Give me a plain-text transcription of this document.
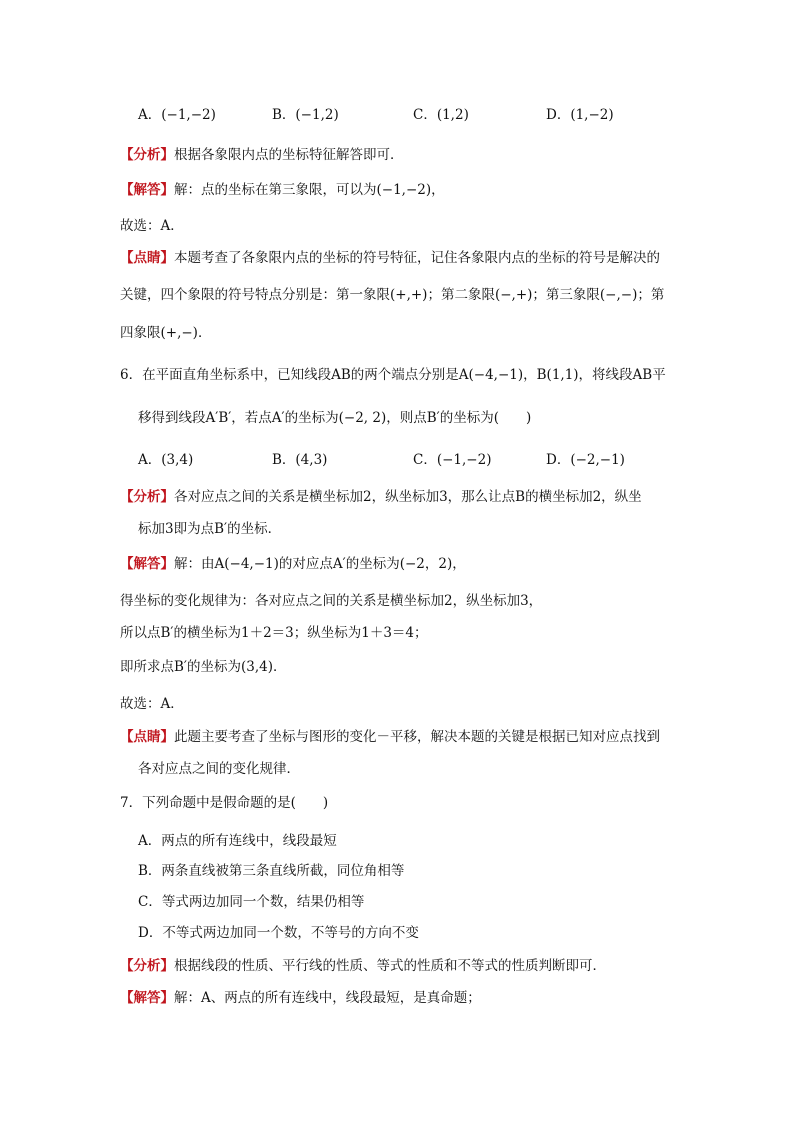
A．(−1,−2)	B．(−1,2)	C．(1,2)	D．(1,−2)
【分析】根据各象限内点的坐标特征解答即可．
【解答】解：点的坐标在第三象限，可以为(−1,−2)，
故选：A．
【点睛】本题考查了各象限内点的坐标的符号特征，记住各象限内点的坐标的符号是解决的
关键，四个象限的符号特点分别是：第一象限(+,+)；第二象限(−,+)；第三象限(−,−)；第
四象限(+,−)．
6．在平面直角坐标系中，已知线段AB的两个端点分别是A(−4,−1)，B(1,1)，将线段AB平
移得到线段A′B′，若点A′的坐标为(−2, 2)，则点B′的坐标为(　　)
A．(3,4)	B．(4,3)	C．(−1,−2)	D．(−2,−1)
【分析】各对应点之间的关系是横坐标加2，纵坐标加3，那么让点B的横坐标加2，纵坐
标加3即为点B′的坐标．
【解答】解：由A(−4,−1)的对应点A′的坐标为(−2，2)，
得坐标的变化规律为：各对应点之间的关系是横坐标加2，纵坐标加3，
所以点B′的横坐标为1＋2＝3；纵坐标为1＋3＝4；
即所求点B′的坐标为(3,4)．
故选：A．
【点睛】此题主要考查了坐标与图形的变化－平移，解决本题的关键是根据已知对应点找到
各对应点之间的变化规律．
7．下列命题中是假命题的是(　　)
A．两点的所有连线中，线段最短
B．两条直线被第三条直线所截，同位角相等
C．等式两边加同一个数，结果仍相等
D．不等式两边加同一个数，不等号的方向不变
【分析】根据线段的性质、平行线的性质、等式的性质和不等式的性质判断即可．
【解答】解：A、两点的所有连线中，线段最短，是真命题；
